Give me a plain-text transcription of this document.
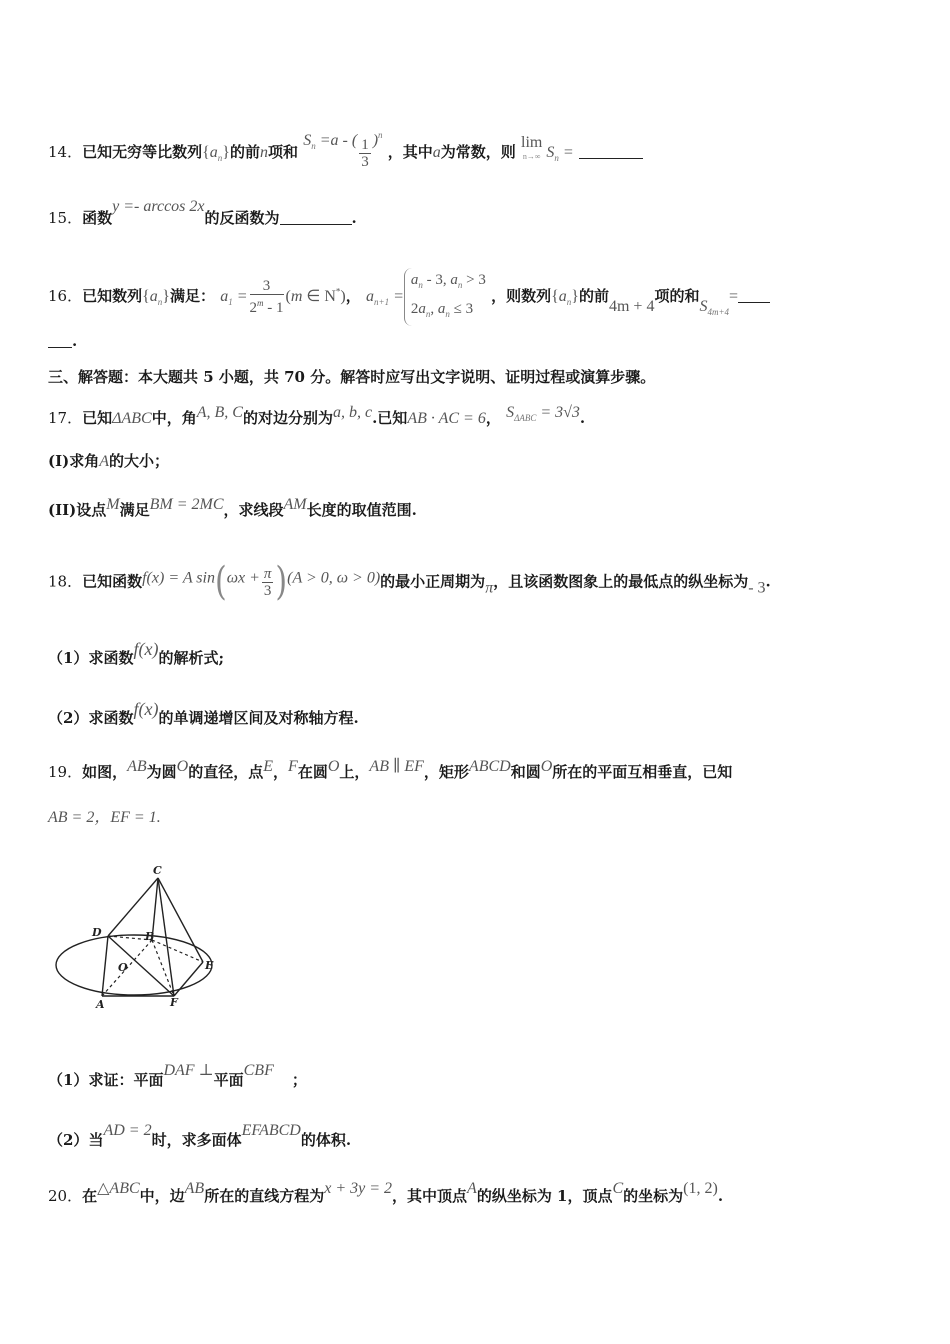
14．已知无穷等比数列$\{a_n\}$的前n项和 $S_n =a$ - ( $\frac{1}{3} )^n$ ，其中a为常数，则 lim
n→∞ $S_n$ =
15．函数y =- arccos 2x的反函数为	.
16．已知数列$\{a_n\}$满足： $a_1 = \frac{3}{2^m - 1} (m$ ∈ N*)， $a_{n+1} =a_n - 3$, $a_n > 3$
$2a_n$, $a_n \le 3$ ，则数列$\{a_n\}$的前4m + 4项的和$S_{4m+4}=$
.
三、解答题：本大题共 5 小题，共 70 分。解答时应写出文字说明、证明过程或演算步骤。
17．已知ΔABC中，角A, B, C的对边分别为a, b, c.已知AB · AC = 6， $S_{\Delta ABC} = 3√3$.
(I)求角A的大小；
(II)设点M满足BM = 2MC，求线段AM长度的取值范围.
18．已知函数f(x) = A $\sin(\omega x + \frac{\pi}{3} )(A > 0$, ω > 0)的最小正周期为π，且该函数图象上的最低点的纵坐标为- 3.
（1）求函数f(x)的解析式;
（2）求函数f(x)的单调递增区间及对称轴方程.
19．如图，AB为圆O的直径，点E，F在圆O上，AB ∥ EF，矩形ABCD和圆O所在的平面互相垂直，已知
AB = 2，EF = 1.
C
D	B
O	E
A	F
（1）求证：平面DAF ⊥平面CBF；
（2）当AD = 2时，求多面体EFABCD的体积.
20．在△ABC中，边AB所在的直线方程为x + 3y = 2，其中顶点A的纵坐标为 1，顶点C的坐标为(1, 2).
